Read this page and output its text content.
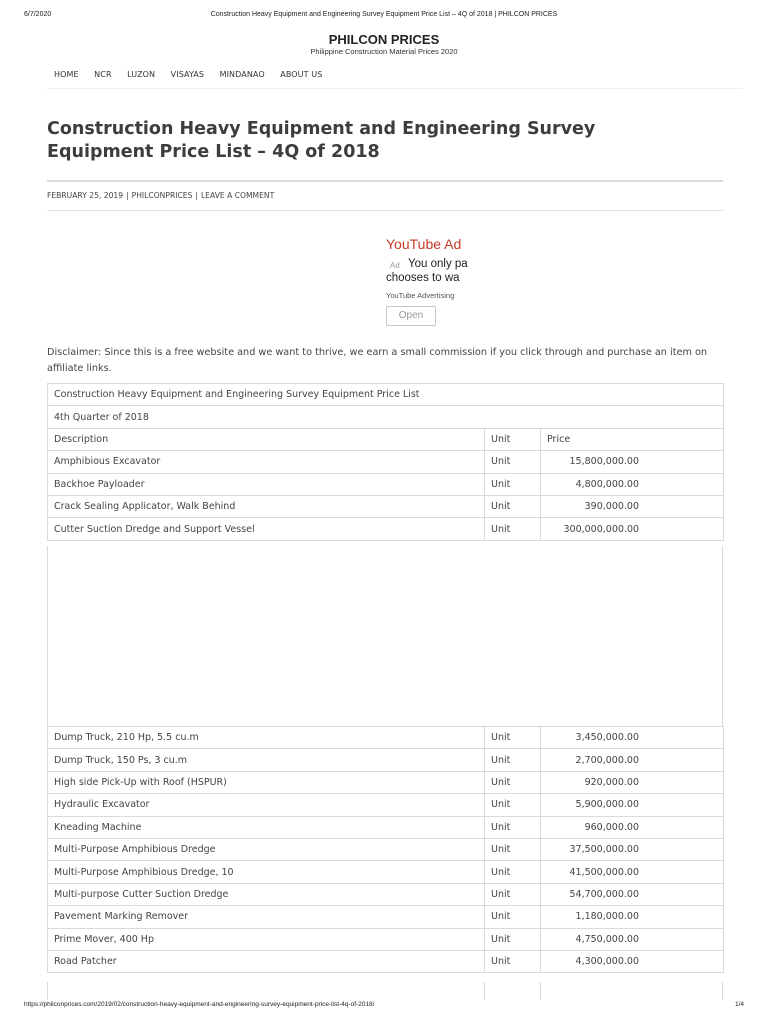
6/7/2020	Construction Heavy Equipment and Engineering Survey Equipment Price List – 4Q of 2018 | PHILCON PRICES
PHILCON PRICES
Philippine Construction Material Prices 2020
HOME NCR LUZON VISAYAS MINDANAO ABOUT US
Construction Heavy Equipment and Engineering Survey Equipment Price List – 4Q of 2018
FEBRUARY 25, 2019 | PHILCONPRICES | LEAVE A COMMENT
YouTube Ad
Ad You only pa
chooses to wa
YouTube Advertising
Open

Disclaimer: Since this is a free website and we want to thrive, we earn a small commission if you click through and purchase an item on affiliate links.

Construction Heavy Equipment and Engineering Survey Equipment Price List		
4th Quarter of 2018		
Description	Unit	Price
Amphibious Excavator	Unit	15,800,000.00
Backhoe Payloader	Unit	4,800,000.00
Crack Sealing Applicator, Walk Behind	Unit	390,000.00
Cutter Suction Dredge and Support Vessel	Unit	300,000,000.00
Dump Truck, 210 Hp, 5.5 cu.m	Unit	3,450,000.00
Dump Truck, 150 Ps, 3 cu.m	Unit	2,700,000.00
High side Pick-Up with Roof (HSPUR)	Unit	920,000.00
Hydraulic Excavator	Unit	5,900,000.00
Kneading Machine	Unit	960,000.00
Multi-Purpose Amphibious Dredge	Unit	37,500,000.00
Multi-Purpose Amphibious Dredge, 10	Unit	41,500,000.00
Multi-purpose Cutter Suction Dredge	Unit	54,700,000.00
Pavement Marking Remover	Unit	1,180,000.00
Prime Mover, 400 Hp	Unit	4,750,000.00
Road Patcher	Unit	4,300,000.00
https://philconprices.com/2019/02/construction-heavy-equipment-and-engineering-survey-equipment-price-list-4q-of-2018/	1/4
